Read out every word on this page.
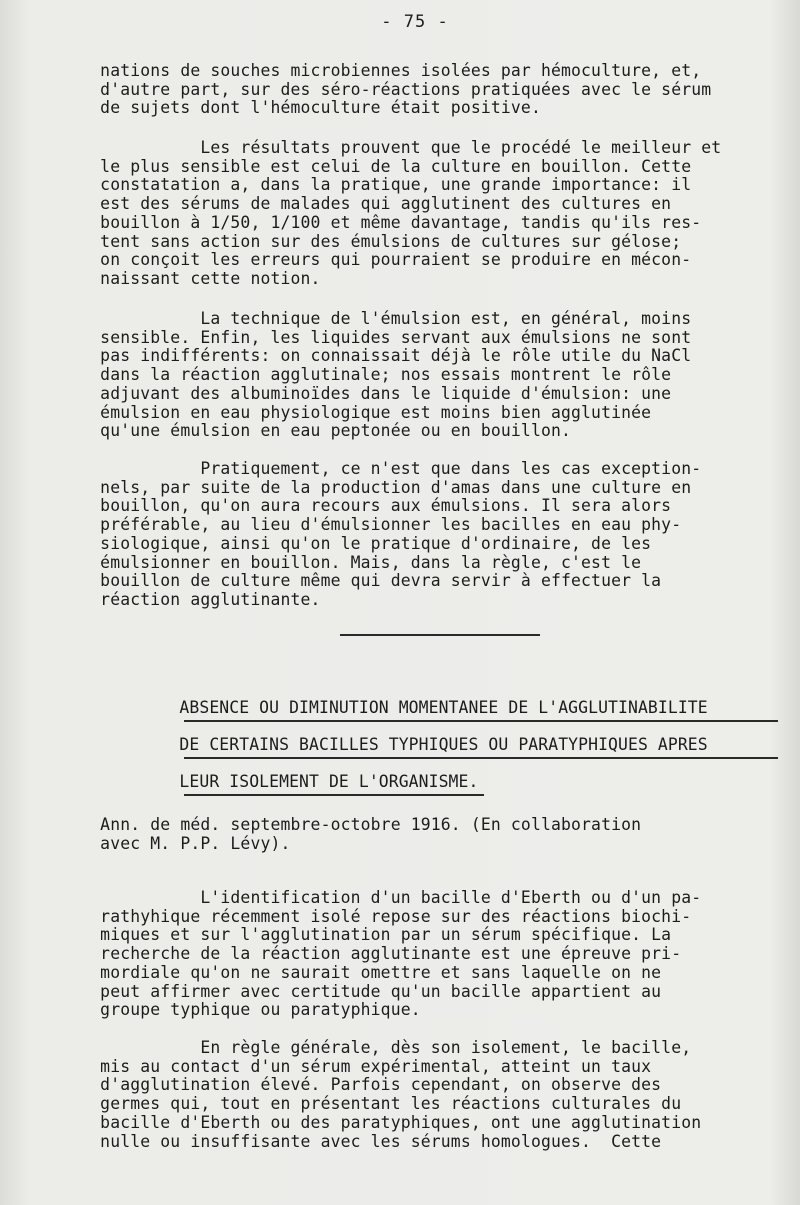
- 75 -
nations de souches microbiennes isolées par hémoculture, et,
d'autre part, sur des séro-réactions pratiquées avec le sérum
de sujets dont l'hémoculture était positive.
Les résultats prouvent que le procédé le meilleur et
le plus sensible est celui de la culture en bouillon. Cette
constatation a, dans la pratique, une grande importance: il
est des sérums de malades qui agglutinent des cultures en
bouillon à 1/50, 1/100 et même davantage, tandis qu'ils res-
tent sans action sur des émulsions de cultures sur gélose;
on conçoit les erreurs qui pourraient se produire en mécon-
naissant cette notion.
La technique de l'émulsion est, en général, moins
sensible. Enfin, les liquides servant aux émulsions ne sont
pas indifférents: on connaissait déjà le rôle utile du NaCl
dans la réaction agglutinale; nos essais montrent le rôle
adjuvant des albuminoïdes dans le liquide d'émulsion: une
émulsion en eau physiologique est moins bien agglutinée
qu'une émulsion en eau peptonée ou en bouillon.
Pratiquement, ce n'est que dans les cas exception-
nels, par suite de la production d'amas dans une culture en
bouillon, qu'on aura recours aux émulsions. Il sera alors
préférable, au lieu d'émulsionner les bacilles en eau phy-
siologique, ainsi qu'on le pratique d'ordinaire, de les
émulsionner en bouillon. Mais, dans la règle, c'est le
bouillon de culture même qui devra servir à effectuer la
réaction agglutinante.
ABSENCE OU DIMINUTION MOMENTANEE DE L'AGGLUTINABILITE
DE CERTAINS BACILLES TYPHIQUES OU PARATYPHIQUES APRES
LEUR ISOLEMENT DE L'ORGANISME.
Ann. de méd. septembre-octobre 1916. (En collaboration
avec M. P.P. Lévy).
L'identification d'un bacille d'Eberth ou d'un pa-
rathyhique récemment isolé repose sur des réactions biochi-
miques et sur l'agglutination par un sérum spécifique. La
recherche de la réaction agglutinante est une épreuve pri-
mordiale qu'on ne saurait omettre et sans laquelle on ne
peut affirmer avec certitude qu'un bacille appartient au
groupe typhique ou paratyphique.
En règle générale, dès son isolement, le bacille,
mis au contact d'un sérum expérimental, atteint un taux
d'agglutination élevé. Parfois cependant, on observe des
germes qui, tout en présentant les réactions culturales du
bacille d'Eberth ou des paratyphiques, ont une agglutination
nulle ou insuffisante avec les sérums homologues.  Cette
